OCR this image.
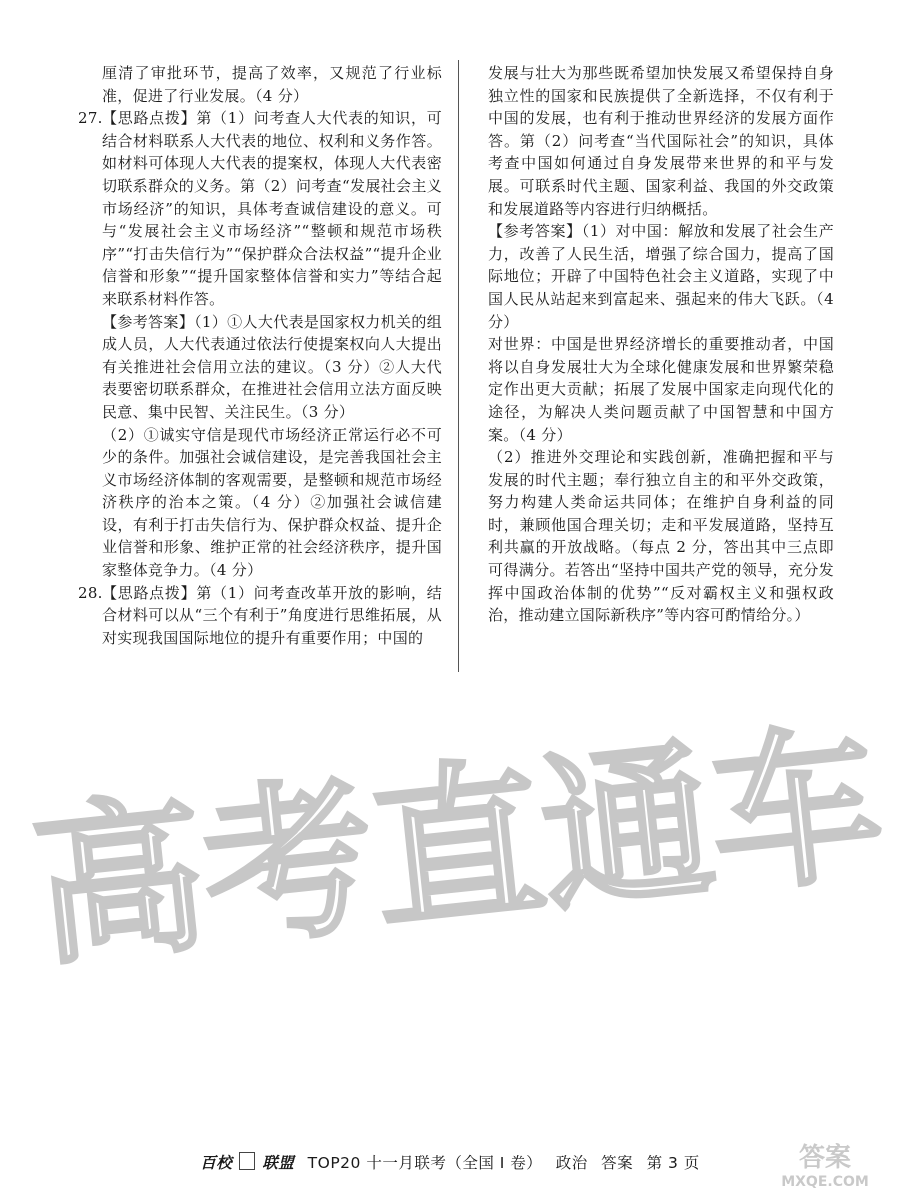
厘清了审批环节，提高了效率，又规范了行业标准，促进了行业发展。（4 分）

27. 【思路点拨】第（1）问考查人大代表的知识，可结合材料联系人大代表的地位、权利和义务作答。如材料可体现人大代表的提案权，体现人大代表密切联系群众的义务。第（2）问考查“发展社会主义市场经济”的知识，具体考查诚信建设的意义。可与“发展社会主义市场经济”“整顿和规范市场秩序”“打击失信行为”“保护群众合法权益”“提升企业信誉和形象”“提升国家整体信誉和实力”等结合起来联系材料作答。

【参考答案】（1）①人大代表是国家权力机关的组成人员，人大代表通过依法行使提案权向人大提出有关推进社会信用立法的建议。（3 分）②人大代表要密切联系群众，在推进社会信用立法方面反映民意、集中民智、关注民生。（3 分）

（2）①诚实守信是现代市场经济正常运行必不可少的条件。加强社会诚信建设，是完善我国社会主义市场经济体制的客观需要，是整顿和规范市场经济秩序的治本之策。（4 分）②加强社会诚信建设，有利于打击失信行为、保护群众权益、提升企业信誉和形象、维护正常的社会经济秩序，提升国家整体竞争力。（4 分）

28. 【思路点拨】第（1）问考查改革开放的影响，结合材料可以从“三个有利于”角度进行思维拓展，从对实现我国国际地位的提升有重要作用；中国的

发展与壮大为那些既希望加快发展又希望保持自身独立性的国家和民族提供了全新选择，不仅有利于中国的发展，也有利于推动世界经济的发展方面作答。第（2）问考查“当代国际社会”的知识，具体考查中国如何通过自身发展带来世界的和平与发展。可联系时代主题、国家利益、我国的外交政策和发展道路等内容进行归纳概括。

【参考答案】（1）对中国：解放和发展了社会生产力，改善了人民生活，增强了综合国力，提高了国际地位；开辟了中国特色社会主义道路，实现了中国人民从站起来到富起来、强起来的伟大飞跃。（4 分）

对世界：中国是世界经济增长的重要推动者，中国将以自身发展壮大为全球化健康发展和世界繁荣稳定作出更大贡献；拓展了发展中国家走向现代化的途径，为解决人类问题贡献了中国智慧和中国方案。（4 分）

（2）推进外交理论和实践创新，准确把握和平与发展的时代主题；奉行独立自主的和平外交政策，努力构建人类命运共同体；在维护自身利益的同时，兼顾他国合理关切；走和平发展道路，坚持互利共赢的开放战略。（每点 2 分，答出其中三点即可得满分。若答出“坚持中国共产党的领导，充分发挥中国政治体制的优势”“反对霸权主义和强权政治，推动建立国际新秩序”等内容可酌情给分。）

高考直通车
答案
MXQE.COM
百校 联盟 TOP20 十一月联考（全国 I 卷） 政治 答案 第 3 页
